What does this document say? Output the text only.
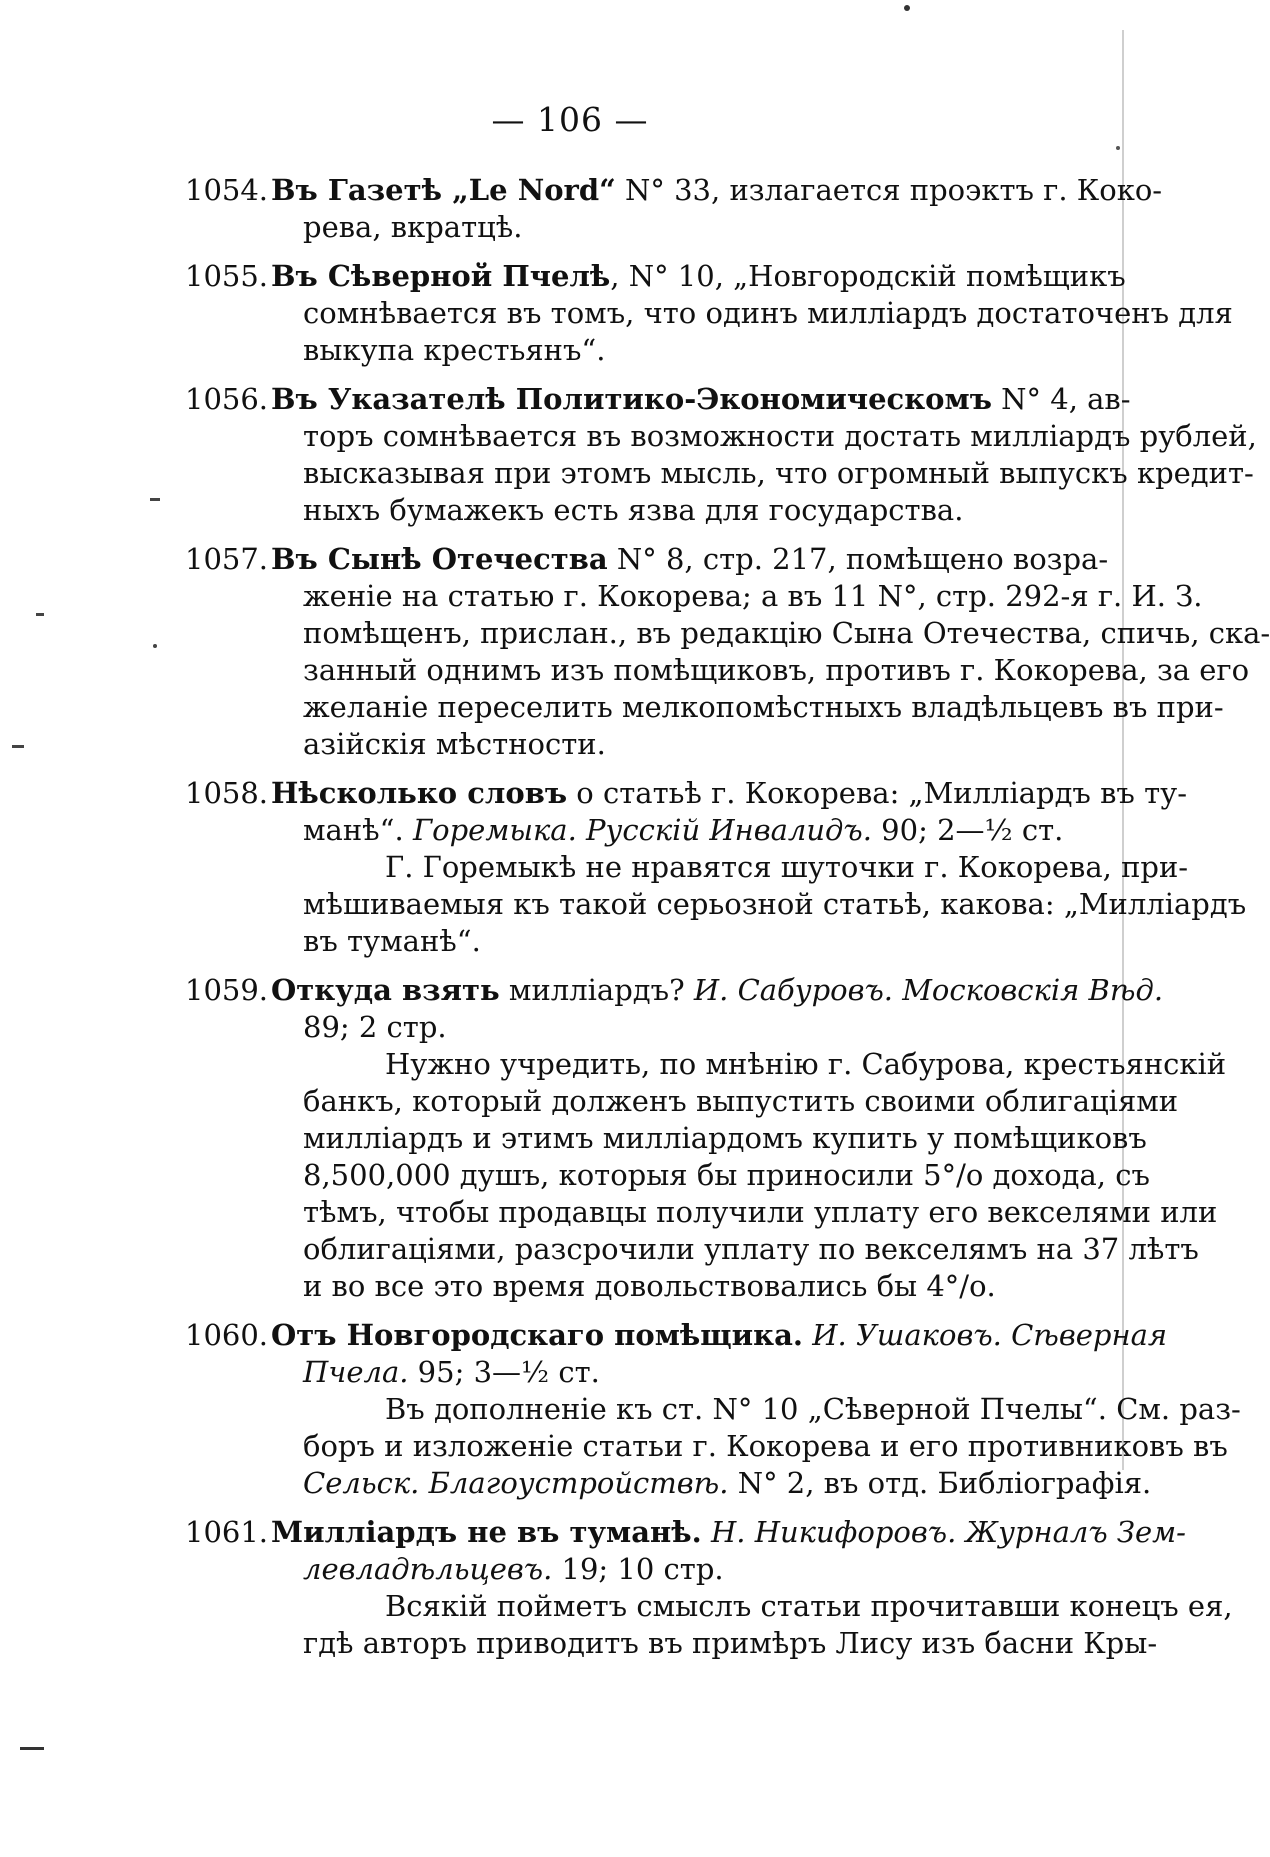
— 106 —
1054. Въ Газетѣ „Le Nord“ N° 33, излагается проэктъ г. Коко-
рева, вкратцѣ.
1055. Въ Сѣверной Пчелѣ, N° 10, „Новгородскій помѣщикъ
сомнѣвается въ томъ, что одинъ милліардъ достаточенъ для
выкупа крестьянъ“.
1056. Въ Указателѣ Политико-Экономическомъ N° 4, ав-
торъ сомнѣвается въ возможности достать милліардъ рублей,
высказывая при этомъ мысль, что огромный выпускъ кредит-
ныхъ бумажекъ есть язва для государства.
1057. Въ Сынѣ Отечества N° 8, стр. 217, помѣщено возра-
женіе на статью г. Кокорева; а въ 11 N°, стр. 292-я г. И. З.
помѣщенъ, прислан., въ редакцію Сына Отечества, спичь, ска-
занный однимъ изъ помѣщиковъ, противъ г. Кокорева, за его
желаніе переселить мелкопомѣстныхъ владѣльцевъ въ при-
азійскія мѣстности.
1058. Нѣсколько словъ о статьѣ г. Кокорева: „Милліардъ въ ту-
манѣ“. Горемыка. Русскій Инвалидъ. 90; 2—½ ст.
Г. Горемыкѣ не нравятся шуточки г. Кокорева, при-
мѣшиваемыя къ такой серьозной статьѣ, какова: „Милліардъ
въ туманѣ“.
1059. Откуда взять милліардъ? И. Сабуровъ. Московскія Вѣд.
89; 2 стр.
Нужно учредить, по мнѣнію г. Сабурова, крестьянскій
банкъ, который долженъ выпустить своими облигаціями
милліардъ и этимъ милліардомъ купить у помѣщиковъ
8,500,000 душъ, которыя бы приносили 5°/о дохода, съ
тѣмъ, чтобы продавцы получили уплату его векселями или
облигаціями, разсрочили уплату по векселямъ на 37 лѣтъ
и во все это время довольствовались бы 4°/о.
1060. Отъ Новгородскаго помѣщика. И. Ушаковъ. Сѣверная
Пчела. 95; 3—½ ст.
Въ дополненіе къ ст. N° 10 „Сѣверной Пчелы“. См. раз-
боръ и изложеніе статьи г. Кокорева и его противниковъ въ
Сельск. Благоустройствѣ. N° 2, въ отд. Библіографія.
1061. Милліардъ не въ туманѣ. Н. Никифоровъ. Журналъ Зем-
левладѣльцевъ. 19; 10 стр.
Всякій пойметъ смыслъ статьи прочитавши конецъ ея,
гдѣ авторъ приводитъ въ примѣръ Лису изъ басни Кры-
